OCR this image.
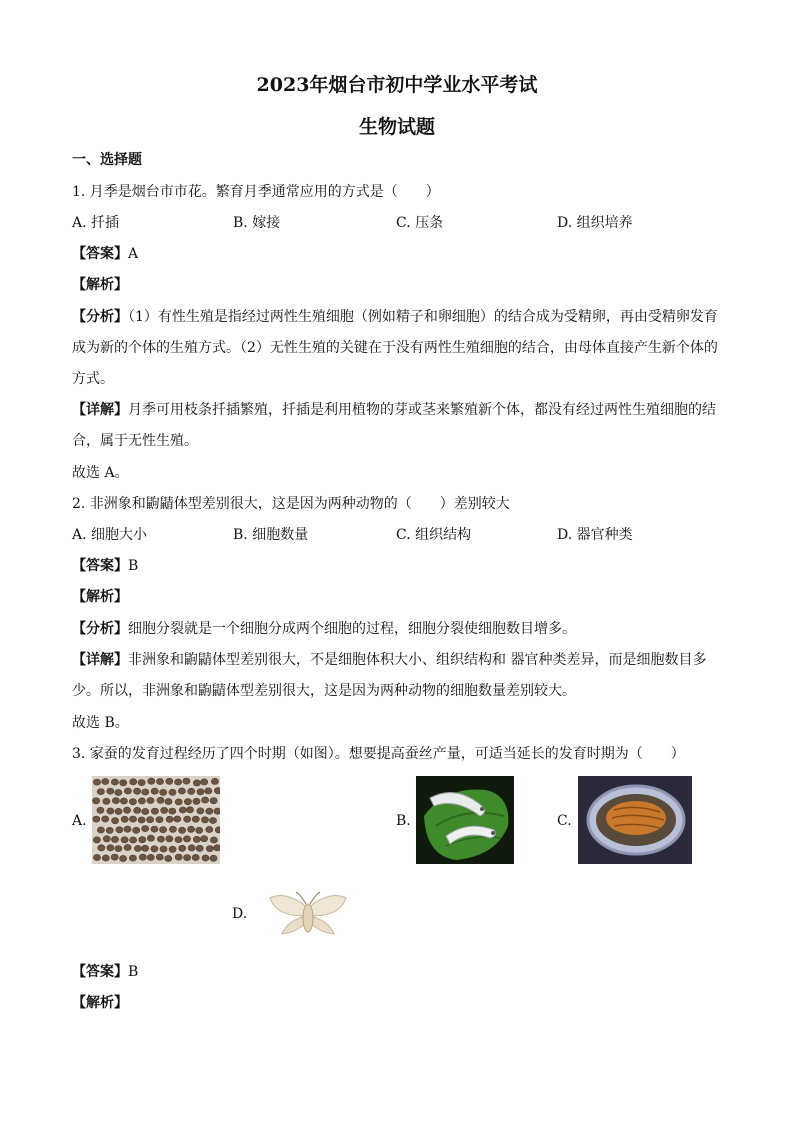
2023年烟台市初中学业水平考试
生物试题
一、选择题
1. 月季是烟台市市花。繁育月季通常应用的方式是（　　）
A. 扦插	B. 嫁接	C. 压条	D. 组织培养
【答案】A
【解析】
【分析】（1）有性生殖是指经过两性生殖细胞（例如精子和卵细胞）的结合成为受精卵，再由受精卵发育
成为新的个体的生殖方式。（2）无性生殖的关键在于没有两性生殖细胞的结合，由母体直接产生新个体的
方式。
【详解】月季可用枝条扦插繁殖，扦插是利用植物的芽或茎来繁殖新个体，都没有经过两性生殖细胞的结
合，属于无性生殖。
故选 A。
2. 非洲象和鼩鼱体型差别很大，这是因为两种动物的（　　）差别较大
A. 细胞大小	B. 细胞数量	C. 组织结构	D. 器官种类
【答案】B
【解析】
【分析】细胞分裂就是一个细胞分成两个细胞的过程，细胞分裂使细胞数目增多。
【详解】非洲象和鼩鼱体型差别很大，不是细胞体积大小、组织结构和 器官种类差异，而是细胞数目多
少。所以，非洲象和鼩鼱体型差别很大，这是因为两种动物的细胞数量差别较大。
故选 B。
3. 家蚕的发育过程经历了四个时期（如图）。想要提高蚕丝产量，可适当延长的发育时期为（　　）
A.	B.	C.
D.
【答案】B
【解析】
